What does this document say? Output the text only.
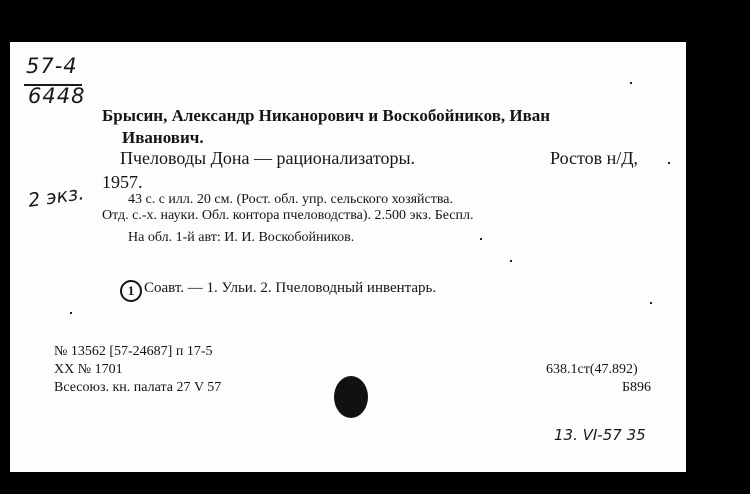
57-4
6448
Брысин, Александр Никанорович и Воскобойников, Иван
Иванович.
Пчеловоды Дона — рационализаторы.	Ростов н/Д,
1957.
2 экз.	43 с. с илл. 20 см. (Рост. обл. упр. сельского хозяйства.
Отд. с.-х. науки. Обл. контора пчеловодства). 2.500 экз. Беспл.
На обл. 1-й авт: И. И. Воскобойников.
1 Соавт. — 1. Ульи. 2. Пчеловодный инвентарь.
№ 13562 [57-24687] п 17-5
XX № 1701
Всесоюз. кн. палата 27 V 57
638.1ст(47.892)
Б896
13. VI-57 35
